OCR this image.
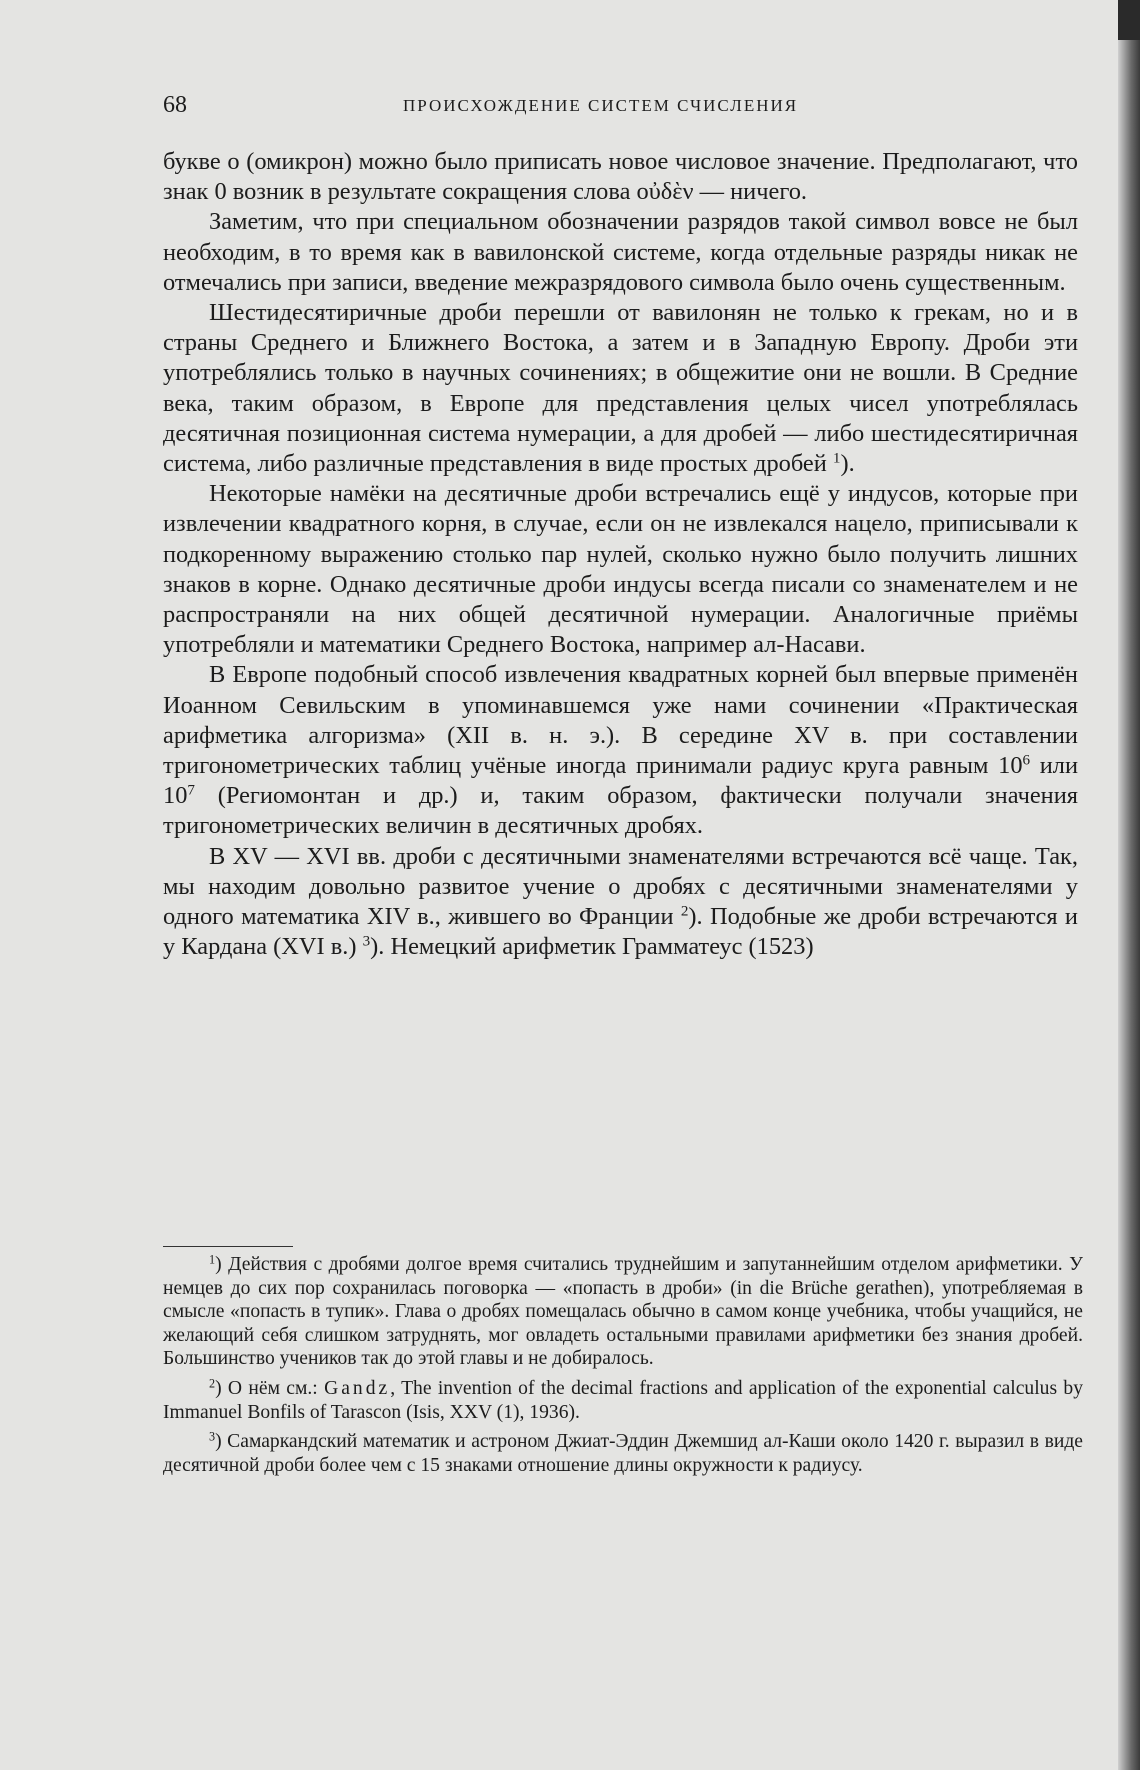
68	ПРОИСХОЖДЕНИЕ СИСТЕМ СЧИСЛЕНИЯ

букве о (омикрон) можно было приписать новое числовое значение. Предполагают, что знак 0 возник в результате сокращения слова οὐδὲν — ничего.

Заметим, что при специальном обозначении разрядов такой символ вовсе не был необходим, в то время как в вавилонской системе, когда отдельные разряды никак не отмечались при записи, введение межразрядового символа было очень существенным.

Шестидесятиричные дроби перешли от вавилонян не только к грекам, но и в страны Среднего и Ближнего Востока, а затем и в Западную Европу. Дроби эти употреблялись только в научных сочинениях; в общежитие они не вошли. В Средние века, таким образом, в Европе для представления целых чисел употреблялась десятичная позиционная система нумерации, а для дробей — либо шестидесятиричная система, либо различные представления в виде простых дробей $^1$).

Некоторые намёки на десятичные дроби встречались ещё у индусов, которые при извлечении квадратного корня, в случае, если он не извлекался нацело, приписывали к подкоренному выражению столько пар нулей, сколько нужно было получить лишних знаков в корне. Однако десятичные дроби индусы всегда писали со знаменателем и не распространяли на них общей десятичной нумерации. Аналогичные приёмы употребляли и математики Среднего Востока, например ал-Насави.

В Европе подобный способ извлечения квадратных корней был впервые применён Иоанном Севильским в упоминавшемся уже нами сочинении «Практическая арифметика алгоризма» (XII в. н. э.). В середине XV в. при составлении тригонометрических таблиц учёные иногда принимали радиус круга равным $10^6$ или $10^7$ (Региомонтан и др.) и, таким образом, фактически получали значения тригонометрических величин в десятичных дробях.

В XV — XVI вв. дроби с десятичными знаменателями встречаются всё чаще. Так, мы находим довольно развитое учение о дробях с десятичными знаменателями у одного математика XIV в., жившего во Франции $^2$). Подобные же дроби встречаются и у Кардана (XVI в.) $^3$). Немецкий арифметик Грамматеус (1523)

$^1$) Действия с дробями долгое время считались труднейшим и запутаннейшим отделом арифметики. У немцев до сих пор сохранилась поговорка — «попасть в дроби» (in die Brüche gerathen), употребляемая в смысле «попасть в тупик». Глава о дробях помещалась обычно в самом конце учебника, чтобы учащийся, не желающий себя слишком затруднять, мог овладеть остальными правилами арифметики без знания дробей. Большинство учеников так до этой главы и не добиралось.

$^2$) О нём см.: Gandz, The invention of the decimal fractions and application of the exponential calculus by Immanuel Bonfils of Tarascon (Isis, XXV (1), 1936).

$^3$) Самаркандский математик и астроном Джиат-Эддин Джемшид ал-Каши около 1420 г. выразил в виде десятичной дроби более чем с 15 знаками отношение длины окружности к радиусу.
